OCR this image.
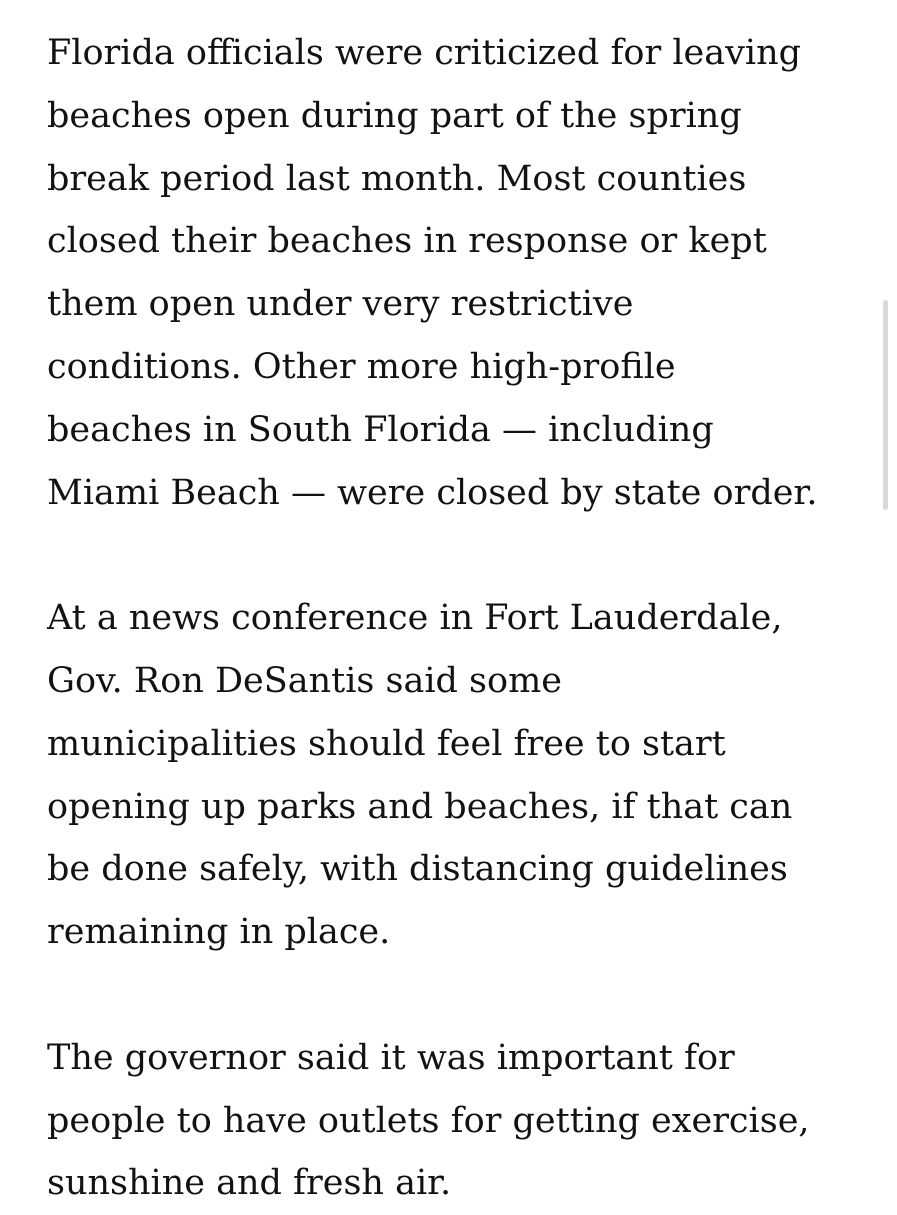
Florida officials were criticized for leaving
beaches open during part of the spring
break period last month. Most counties
closed their beaches in response or kept
them open under very restrictive
conditions. Other more high-profile
beaches in South Florida — including
Miami Beach — were closed by state order.

At a news conference in Fort Lauderdale,
Gov. Ron DeSantis said some
municipalities should feel free to start
opening up parks and beaches, if that can
be done safely, with distancing guidelines
remaining in place.

The governor said it was important for
people to have outlets for getting exercise,
sunshine and fresh air.
